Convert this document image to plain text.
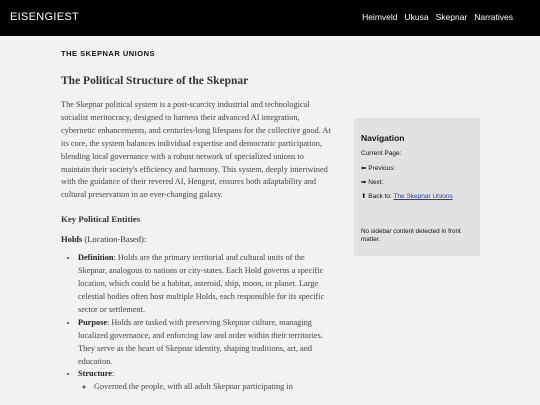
EISENGIEST	Heimveld Ukusa Skepnar Narratives
THE SKEPNAR UNIONS
The Political Structure of the Skepnar

The Skepnar political system is a post-scarcity industrial and technological socialist meritocracy, designed to harness their advanced AI integration, cybernetic enhancements, and centuries-long lifespans for the collective good. At its core, the system balances individual expertise and democratic participation, blending local governance with a robust network of specialized unions to maintain their society's efficiency and harmony. This system, deeply intertwined with the guidance of their revered AI, Hengest, ensures both adaptability and cultural preservation in an ever-changing galaxy.

Key Political Entities
Holds (Location-Based):
• Definition: Holds are the primary territorial and cultural units of the Skepnar, analogous to nations or city-states. Each Hold governs a specific location, which could be a habitat, asteroid, ship, moon, or planet. Large celestial bodies often host multiple Holds, each responsible for its specific sector or settlement.
• Purpose: Holds are tasked with preserving Skepnar culture, managing localized governance, and enforcing law and order within their territories. They serve as the heart of Skepnar identity, shaping traditions, art, and education.
• Structure:
◦ Governed the people, with all adult Skepnar participating in
Navigation
Current Page:
⬅ Previous:
➡ Next:
⬆ Back to: The Skepnar Unions
No sidebar content detected in front matter.
